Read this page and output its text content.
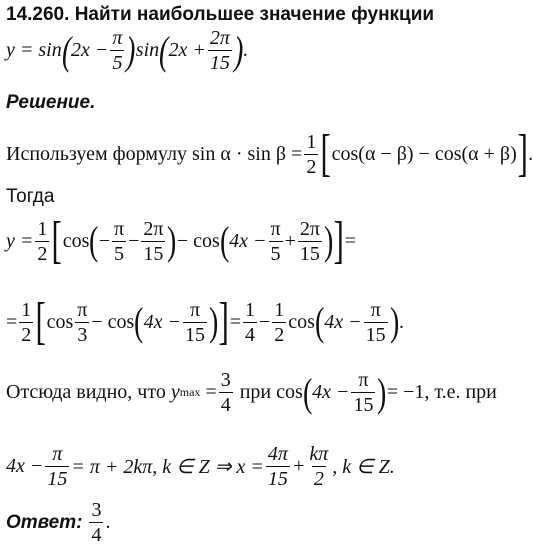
14.260. Найти наибольшее значение функции
y = sin ( $2x - \frac{\pi}{5}$ ) sin ( $2x + \frac{2\pi}{15}$ ) .
Решение.
Используем формулу $\sin \alpha \cdot \sin \beta = \frac{1}{2}$ [ cos(α − β) − cos(α + β) ] .
Тогда
$y = \frac{1}{2}$ [ cos ( − $\frac{\pi}{5} - \frac{2\pi}{15}$ ) − cos ( $4x - \frac{\pi}{5} + \frac{2\pi}{15}$ ) ] =
= $\frac{1}{2}$ [ $\cos \frac{\pi}{3} - \cos$ ( $4x - \frac{\pi}{15}$ ) ] = $\frac{1}{4} - \frac{1}{2}$ cos ( $4x - \frac{\pi}{15}$ ) .
Отсюда видно, что
y max
= $\frac{3}{4}$
при cos ( $4x - \frac{\pi}{15}$ ) = −1, т.е. при
$4x - \frac{\pi}{15} = \pi + 2k\pi$, k ∈ Z ⇒ $x = \frac{4\pi}{15} + \frac{k\pi}{2}$ , k ∈ Z.
Ответ:
$\frac{3}{4}$ .
